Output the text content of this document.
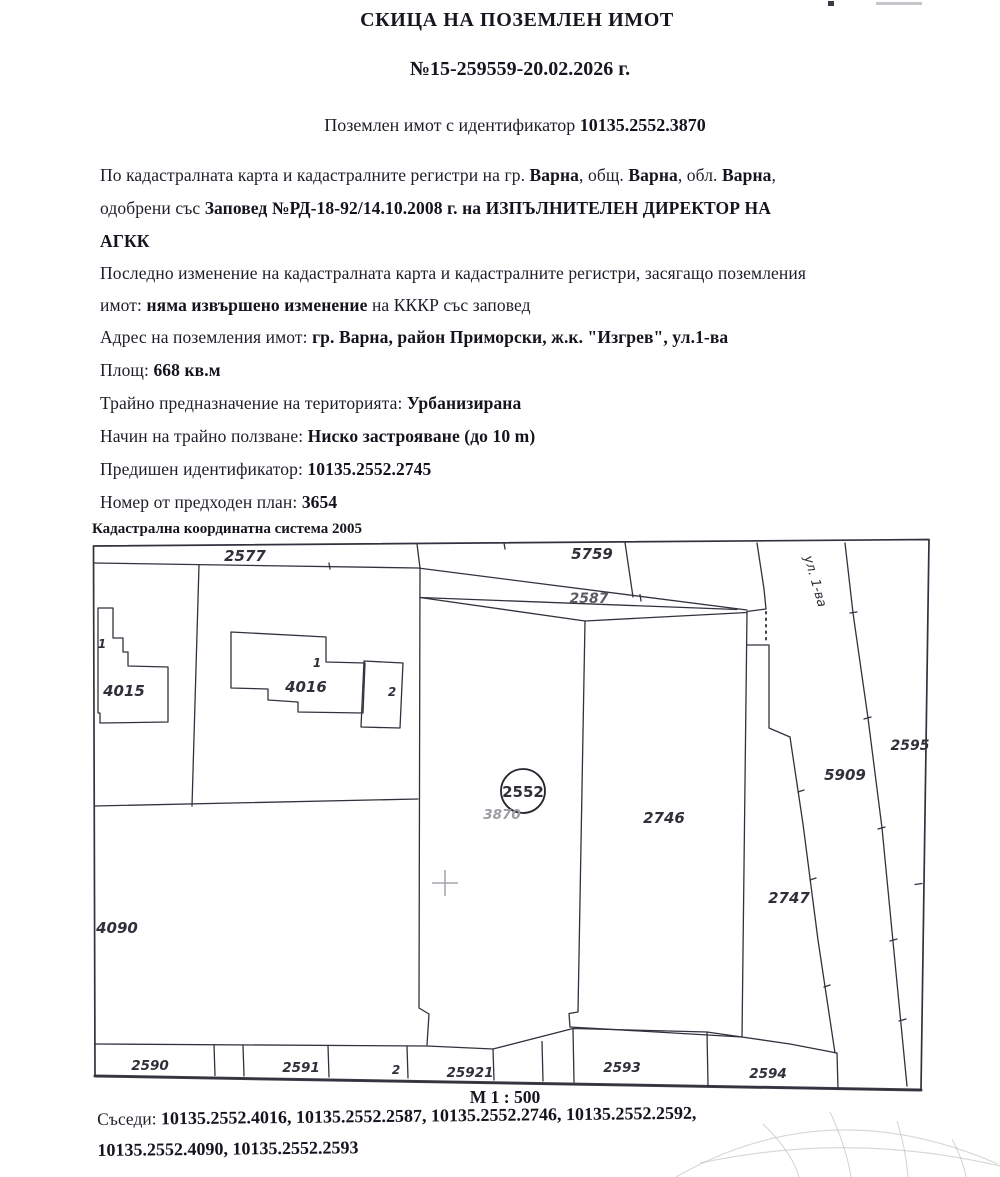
СКИЦА НА ПОЗЕМЛЕН ИМОТ
№15-259559-20.02.2026 г.
Поземлен имот с идентификатор 10135.2552.3870
По кадастралната карта и кадастралните регистри на гр. Варна, общ. Варна, обл. Варна,
одобрени със Заповед №РД-18-92/14.10.2008 г. на ИЗПЪЛНИТЕЛЕН ДИРЕКТОР НА
АГКК
Последно изменение на кадастралната карта и кадастралните регистри, засягащо поземления
имот: няма извършено изменение на КККР със заповед
Адрес на поземления имот: гр. Варна, район Приморски, ж.к. "Изгрев", ул.1-ва
Площ: 668 кв.м
Трайно предназначение на територията: Урбанизирана
Начин на трайно ползване: Ниско застрояване (до 10 m)
Предишен идентификатор: 10135.2552.2745
Номер от предходен план: 3654
Кадастрална координатна система 2005
2577	5759
2587	ул. 1-ва
2595
5909
1
4015
1
4016	2
2552
3870	2746
2747
4090
2590	2591	2	25921	2593	2594
М 1 : 500
Съседи: 10135.2552.4016, 10135.2552.2587, 10135.2552.2746, 10135.2552.2592,
10135.2552.4090, 10135.2552.2593
